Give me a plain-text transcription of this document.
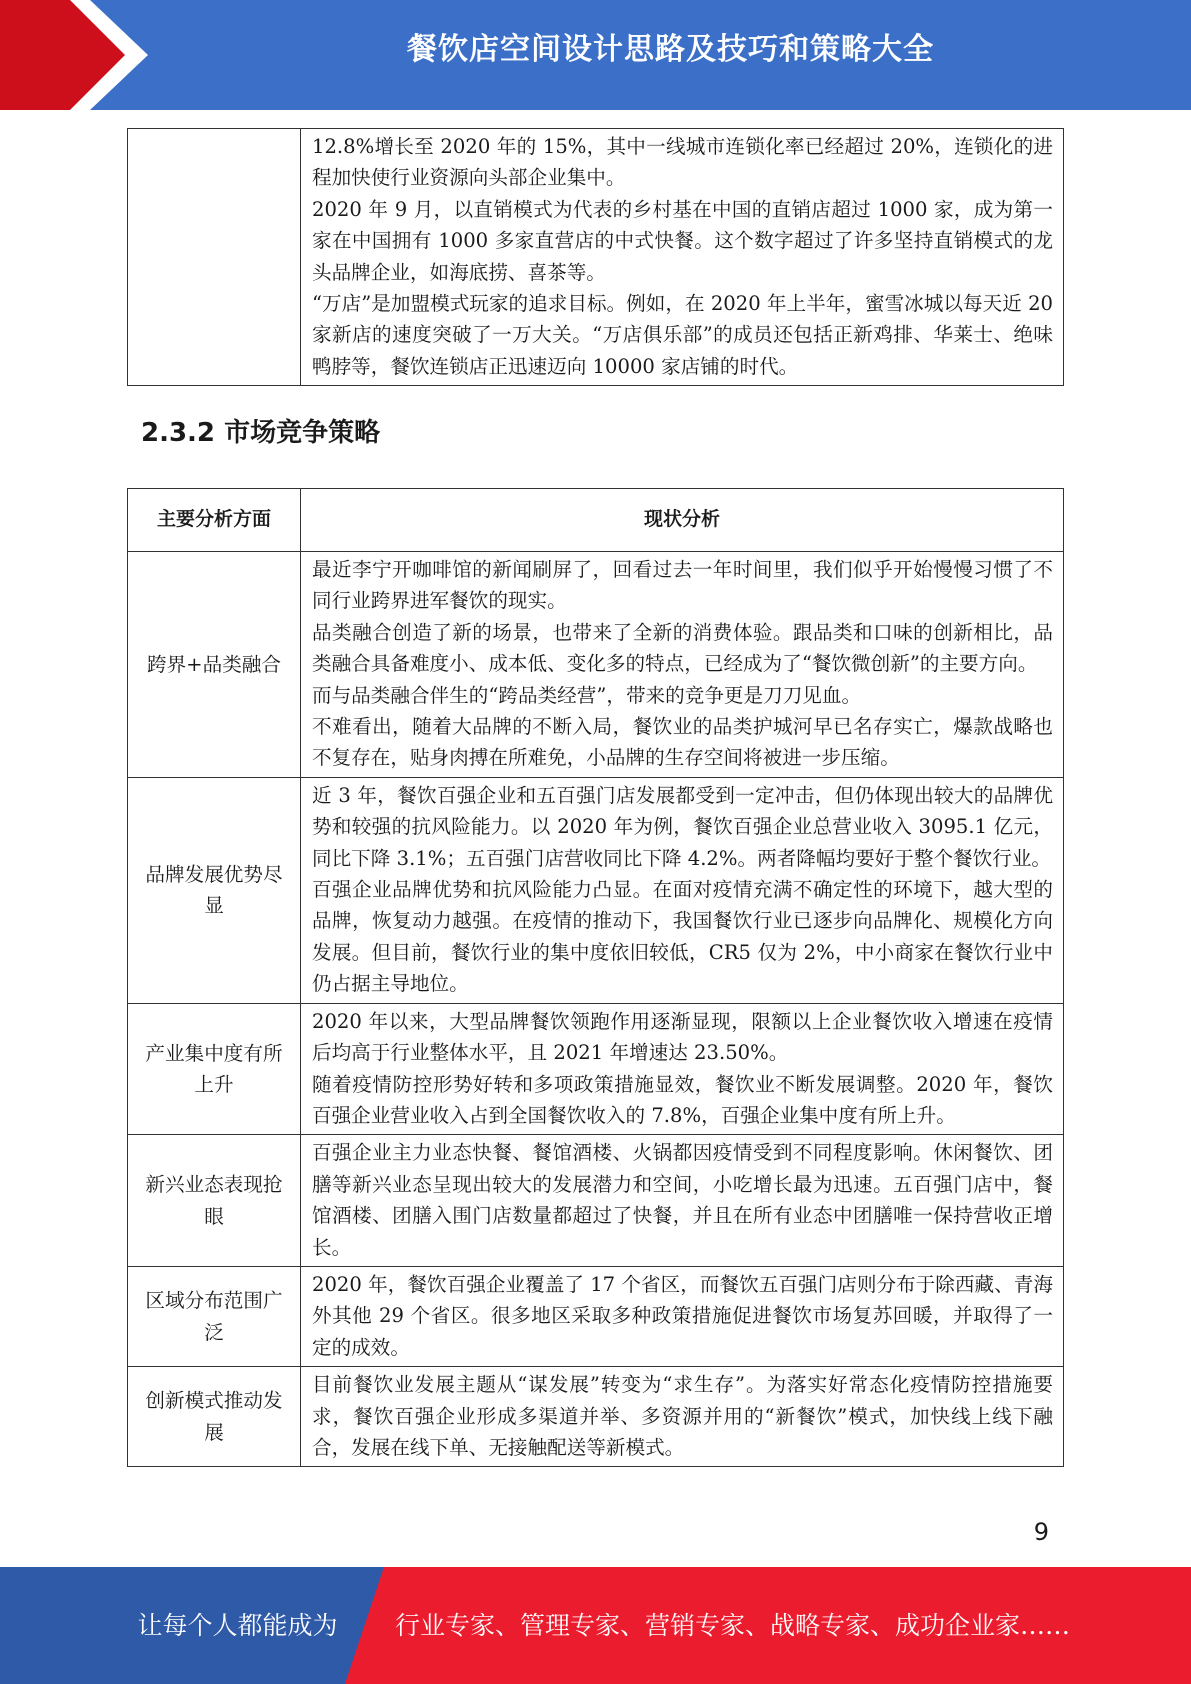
餐饮店空间设计思路及技巧和策略大全

12.8%增长至 2020 年的 15%，其中一线城市连锁化率已经超过 20%，连锁化的进程加快使行业资源向头部企业集中。

2020 年 9 月，以直销模式为代表的乡村基在中国的直销店超过 1000 家，成为第一家在中国拥有 1000 多家直营店的中式快餐。这个数字超过了许多坚持直销模式的龙头品牌企业，如海底捞、喜茶等。

“万店”是加盟模式玩家的追求目标。例如，在 2020 年上半年，蜜雪冰城以每天近 20 家新店的速度突破了一万大关。“万店俱乐部”的成员还包括正新鸡排、华莱士、绝味鸭脖等，餐饮连锁店正迅速迈向 10000 家店铺的时代。

2.3.2 市场竞争策略
主要分析方面	现状分析
跨界+品类融合	最近李宁开咖啡馆的新闻刷屏了，回看过去一年时间里，我们似乎开始慢慢习惯了不同行业跨界进军餐饮的现实。

品类融合创造了新的场景，也带来了全新的消费体验。跟品类和口味的创新相比，品类融合具备难度小、成本低、变化多的特点，已经成为了“餐饮微创新”的主要方向。

而与品类融合伴生的“跨品类经营”，带来的竞争更是刀刀见血。

不难看出，随着大品牌的不断入局，餐饮业的品类护城河早已名存实亡，爆款战略也不复存在，贴身肉搏在所难免，小品牌的生存空间将被进一步压缩。

品牌发展优势尽显	近 3 年，餐饮百强企业和五百强门店发展都受到一定冲击，但仍体现出较大的品牌优势和较强的抗风险能力。以 2020 年为例，餐饮百强企业总营业收入 3095.1 亿元，同比下降 3.1%；五百强门店营收同比下降 4.2%。两者降幅均要好于整个餐饮行业。

百强企业品牌优势和抗风险能力凸显。在面对疫情充满不确定性的环境下，越大型的品牌，恢复动力越强。在疫情的推动下，我国餐饮行业已逐步向品牌化、规模化方向发展。但目前，餐饮行业的集中度依旧较低，CR5 仅为 2%，中小商家在餐饮行业中仍占据主导地位。

产业集中度有所上升	2020 年以来，大型品牌餐饮领跑作用逐渐显现，限额以上企业餐饮收入增速在疫情后均高于行业整体水平，且 2021 年增速达 23.50%。

随着疫情防控形势好转和多项政策措施显效，餐饮业不断发展调整。2020 年，餐饮百强企业营业收入占到全国餐饮收入的 7.8%，百强企业集中度有所上升。

新兴业态表现抢眼	百强企业主力业态快餐、餐馆酒楼、火锅都因疫情受到不同程度影响。休闲餐饮、团膳等新兴业态呈现出较大的发展潜力和空间，小吃增长最为迅速。五百强门店中，餐馆酒楼、团膳入围门店数量都超过了快餐，并且在所有业态中团膳唯一保持营收正增长。

区域分布范围广泛	2020 年，餐饮百强企业覆盖了 17 个省区，而餐饮五百强门店则分布于除西藏、青海外其他 29 个省区。很多地区采取多种政策措施促进餐饮市场复苏回暖，并取得了一定的成效。

创新模式推动发展	目前餐饮业发展主题从“谋发展”转变为“求生存”。为落实好常态化疫情防控措施要求，餐饮百强企业形成多渠道并举、多资源并用的“新餐饮”模式，加快线上线下融合，发展在线下单、无接触配送等新模式。

9
让每个人都能成为	行业专家、管理专家、营销专家、战略专家、成功企业家……
